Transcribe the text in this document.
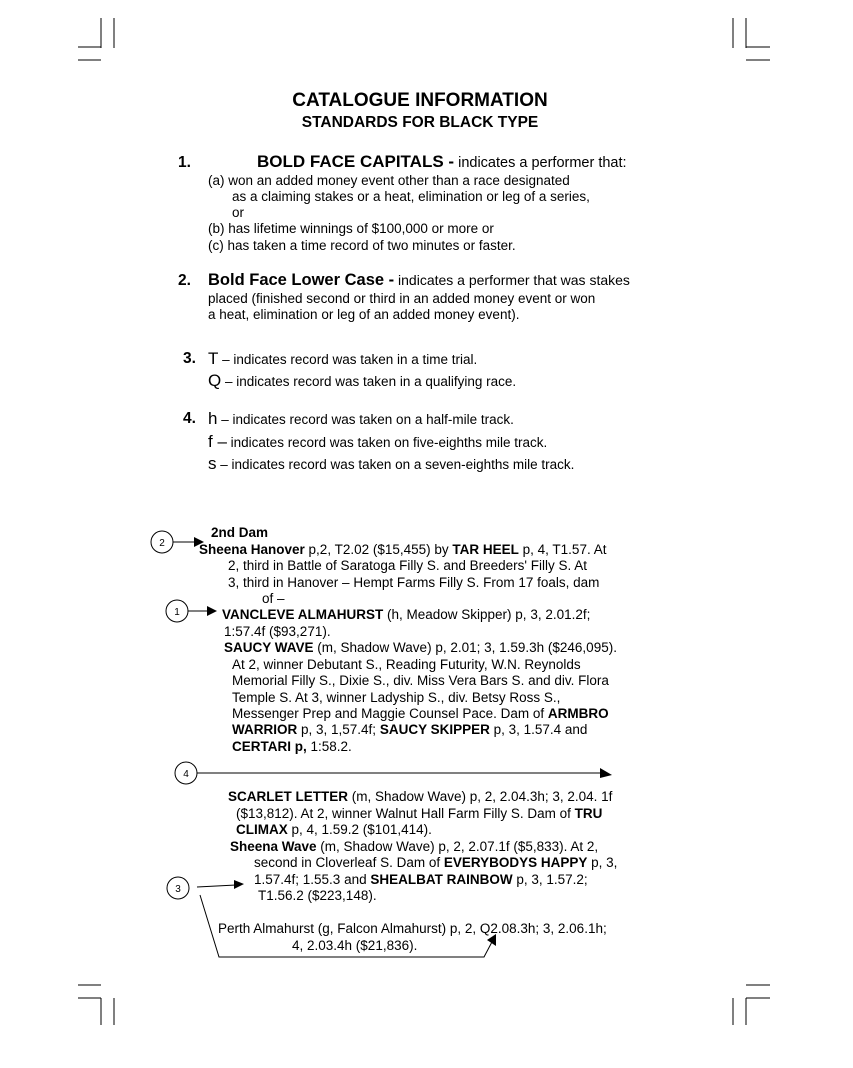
2
1
4
3
CATALOGUE INFORMATION
STANDARDS FOR BLACK TYPE
1.	BOLD FACE CAPITALS - indicates a performer that:
(a) won an added money event other than a race designated
as a claiming stakes or a heat, elimination or leg of a series,
or
(b) has lifetime winnings of $100,000 or more or
(c) has taken a time record of two minutes or faster.
2. Bold Face Lower Case - indicates a performer that was stakes
placed (finished second or third in an added money event or won
a heat, elimination or leg of an added money event).
3. T – indicates record was taken in a time trial.
Q – indicates record was taken in a qualifying race.
4. h – indicates record was taken on a half-mile track.
f – indicates record was taken on five-eighths mile track.
s – indicates record was taken on a seven-eighths mile track.
2nd Dam
Sheena Hanover p,2, T2.02 ($15,455) by TAR HEEL p, 4, T1.57. At
2, third in Battle of Saratoga Filly S. and Breeders' Filly S. At
3, third in Hanover – Hempt Farms Filly S. From 17 foals, dam
of –
VANCLEVE ALMAHURST (h, Meadow Skipper) p, 3, 2.01.2f;
1:57.4f ($93,271).
SAUCY WAVE (m, Shadow Wave) p, 2.01; 3, 1.59.3h ($246,095).
At 2, winner Debutant S., Reading Futurity, W.N. Reynolds
Memorial Filly S., Dixie S., div. Miss Vera Bars S. and div. Flora
Temple S. At 3, winner Ladyship S., div. Betsy Ross S.,
Messenger Prep and Maggie Counsel Pace. Dam of ARMBRO
WARRIOR p, 3, 1,57.4f; SAUCY SKIPPER p, 3, 1.57.4 and
CERTARI p, 1:58.2.
SCARLET LETTER (m, Shadow Wave) p, 2, 2.04.3h; 3, 2.04. 1f
($13,812). At 2, winner Walnut Hall Farm Filly S. Dam of TRU
CLIMAX p, 4, 1.59.2 ($101,414).
Sheena Wave (m, Shadow Wave) p, 2, 2.07.1f ($5,833). At 2,
second in Cloverleaf S. Dam of EVERYBODYS HAPPY p, 3,
1.57.4f; 1.55.3 and SHEALBAT RAINBOW p, 3, 1.57.2;
T1.56.2 ($223,148).
Perth Almahurst (g, Falcon Almahurst) p, 2, Q2.08.3h; 3, 2.06.1h;
4, 2.03.4h ($21,836).
